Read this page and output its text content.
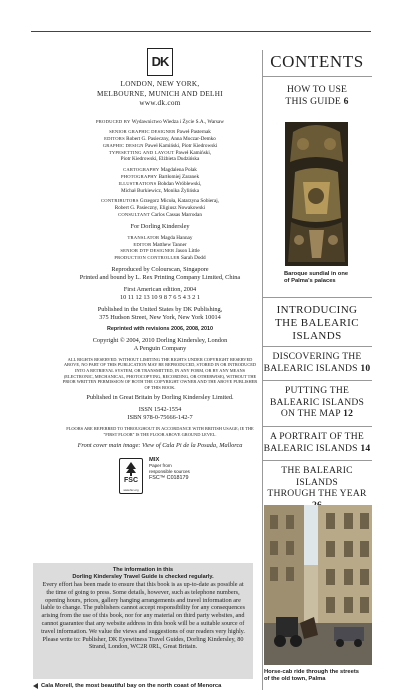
DK
LONDON, NEW YORK,
MELBOURNE, MUNICH AND DELHI
www.dk.com
PRODUCED BY Wydawnictwo Wiedza i Życie S.A., Warsaw
SENIOR GRAPHIC DESIGNER Paweł Pasternak
EDITORS Robert G. Pasieczny, Anna Moczar-Demko
GRAPHIC DESIGN Paweł Kamiński, Piotr Kiedrowski
TYPESETTING AND LAYOUT Paweł Kamiński,
Piotr Kiedrowski, Elżbieta Dudzińska
CARTOGRAPHY Magdalena Polak
PHOTOGRAPHY Bartłomiej Zaranek
ILLUSTRATIONS Bohdan Wróblewski,
Michał Burkiewicz, Monika Żylińska
CONTRIBUTORS Grzegorz Micuła, Katarzyna Sobieraj,
Robert G. Pasieczny, Eligiusz Nowakowski
CONSULTANT Carlos Cassas Marrodan
For Dorling Kindersley
TRANSLATOR Magda Hannay
EDITOR Matthew Tanner
SENIOR DTP DESIGNER Jason Little
PRODUCTION CONTROLLER Sarah Dodd
Reproduced by Colourscan, Singapore
Printed and bound by L. Rex Printing Company Limited, China
First American edition, 2004
10 11 12 13 10 9 8 7 6 5 4 3 2 1
Published in the United States by DK Publishing,
375 Hudson Street, New York, New York 10014
Reprinted with revisions 2006, 2008, 2010
Copyright © 2004, 2010 Dorling Kindersley, London
A Penguin Company
ALL RIGHTS RESERVED. WITHOUT LIMITING THE RIGHTS UNDER COPYRIGHT RESERVED ABOVE, NO PART OF THIS PUBLICATION MAY BE REPRODUCED, STORED IN OR INTRODUCED INTO A RETRIEVAL SYSTEM, OR TRANSMITTED, IN ANY FORM, OR BY ANY MEANS (ELECTRONIC, MECHANICAL, PHOTOCOPYING, RECORDING, OR OTHERWISE), WITHOUT THE PRIOR WRITTEN PERMISSION OF BOTH THE COPYRIGHT OWNER AND THE ABOVE PUBLISHER OF THIS BOOK.
Published in Great Britain by Dorling Kindersley Limited.
ISSN 1542-1554
ISBN 978-0-75666-142-7
FLOORS ARE REFERRED TO THROUGHOUT IN ACCORDANCE WITH BRITISH USAGE; IE THE "FIRST FLOOR" IS THE FLOOR ABOVE GROUND LEVEL.
Front cover main image: View of Cala Pi de la Posada, Mallorca
FSC
www.fsc.org
MIX
Paper from
responsible sources
FSC™ C018179
The information in this
Dorling Kindersley Travel Guide is checked regularly.
Every effort has been made to ensure that this book is as up-to-date as possible at the time of going to press. Some details, however, such as telephone numbers, opening hours, prices, gallery hanging arrangements and travel information are liable to change. The publishers cannot accept responsibility for any consequences arising from the use of this book, nor for any material on third party websites, and cannot guarantee that any website address in this book will be a suitable source of travel information. We value the views and suggestions of our readers very highly. Please write to: Publisher, DK Eyewitness Travel Guides, Dorling Kindersley, 80 Strand, London, WC2R 0RL, Great Britain.
Cala Morell, the most beautiful bay on the north coast of Menorca
CONTENTS
HOW TO USE
THIS GUIDE 6
Baroque sundial in one
of Palma's palaces
INTRODUCING
THE BALEARIC
ISLANDS
DISCOVERING THE
BALEARIC ISLANDS 10
PUTTING THE
BALEARIC ISLANDS
ON THE MAP 12
A PORTRAIT OF THE
BALEARIC ISLANDS 14
THE BALEARIC ISLANDS
THROUGH THE YEAR
Horse-cab ride through the streets
of the old town, Palma
